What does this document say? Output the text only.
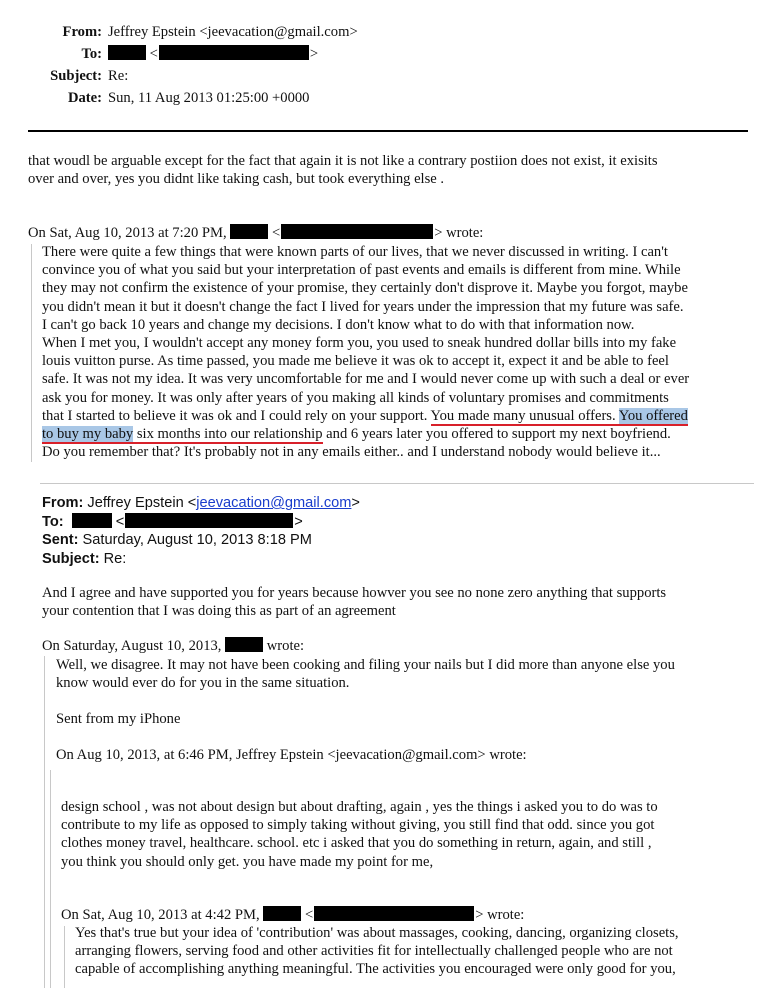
From: Jeffrey Epstein <jeevacation@gmail.com>
To:	<	>
Subject: Re:
Date: Sun, 11 Aug 2013 01:25:00 +0000
that woudl be arguable except for the fact that again it is not like a contrary postiion does not exist, it exisits
over and over, yes you didnt like taking cash, but took everything else .
On Sat, Aug 10, 2013 at 7:20 PM,	<	> wrote:
There were quite a few things that were known parts of our lives, that we never discussed in writing. I can't
convince you of what you said but your interpretation of past events and emails is different from mine. While
they may not confirm the existence of your promise, they certainly don't disprove it. Maybe you forgot, maybe
you didn't mean it but it doesn't change the fact I lived for years under the impression that my future was safe.
I can't go back 10 years and change my decisions. I don't know what to do with that information now.
When I met you, I wouldn't accept any money form you, you used to sneak hundred dollar bills into my fake
louis vuitton purse. As time passed, you made me believe it was ok to accept it, expect it and be able to feel
safe. It was not my idea. It was very uncomfortable for me and I would never come up with such a deal or ever
ask you for money. It was only after years of you making all kinds of voluntary promises and commitments
that I started to believe it was ok and I could rely on your support. You made many unusual offers. You offered
to buy my baby six months into our relationship and 6 years later you offered to support my next boyfriend.
Do you remember that? It's probably not in any emails either.. and I understand nobody would believe it...
From: Jeffrey Epstein <jeevacation@gmail.com>
To:	<	>
Sent: Saturday, August 10, 2013 8:18 PM
Subject: Re:
And I agree and have supported you for years because howver you see no none zero anything that supports
your contention that I was doing this as part of an agreement
On Saturday, August 10, 2013,	wrote:
Well, we disagree. It may not have been cooking and filing your nails but I did more than anyone else you
know would ever do for you in the same situation.
Sent from my iPhone
On Aug 10, 2013, at 6:46 PM, Jeffrey Epstein <jeevacation@gmail.com> wrote:
design school , was not about design but about drafting, again , yes the things i asked you to do was to
contribute to my life as opposed to simply taking without giving, you still find that odd. since you got
clothes money travel, healthcare. school. etc i asked that you do something in return, again, and still ,
you think you should only get. you have made my point for me,
On Sat, Aug 10, 2013 at 4:42 PM,	<	> wrote:
Yes that's true but your idea of 'contribution' was about massages, cooking, dancing, organizing closets,
arranging flowers, serving food and other activities fit for intellectually challenged people who are not
capable of accomplishing anything meaningful. The activities you encouraged were only good for you,
